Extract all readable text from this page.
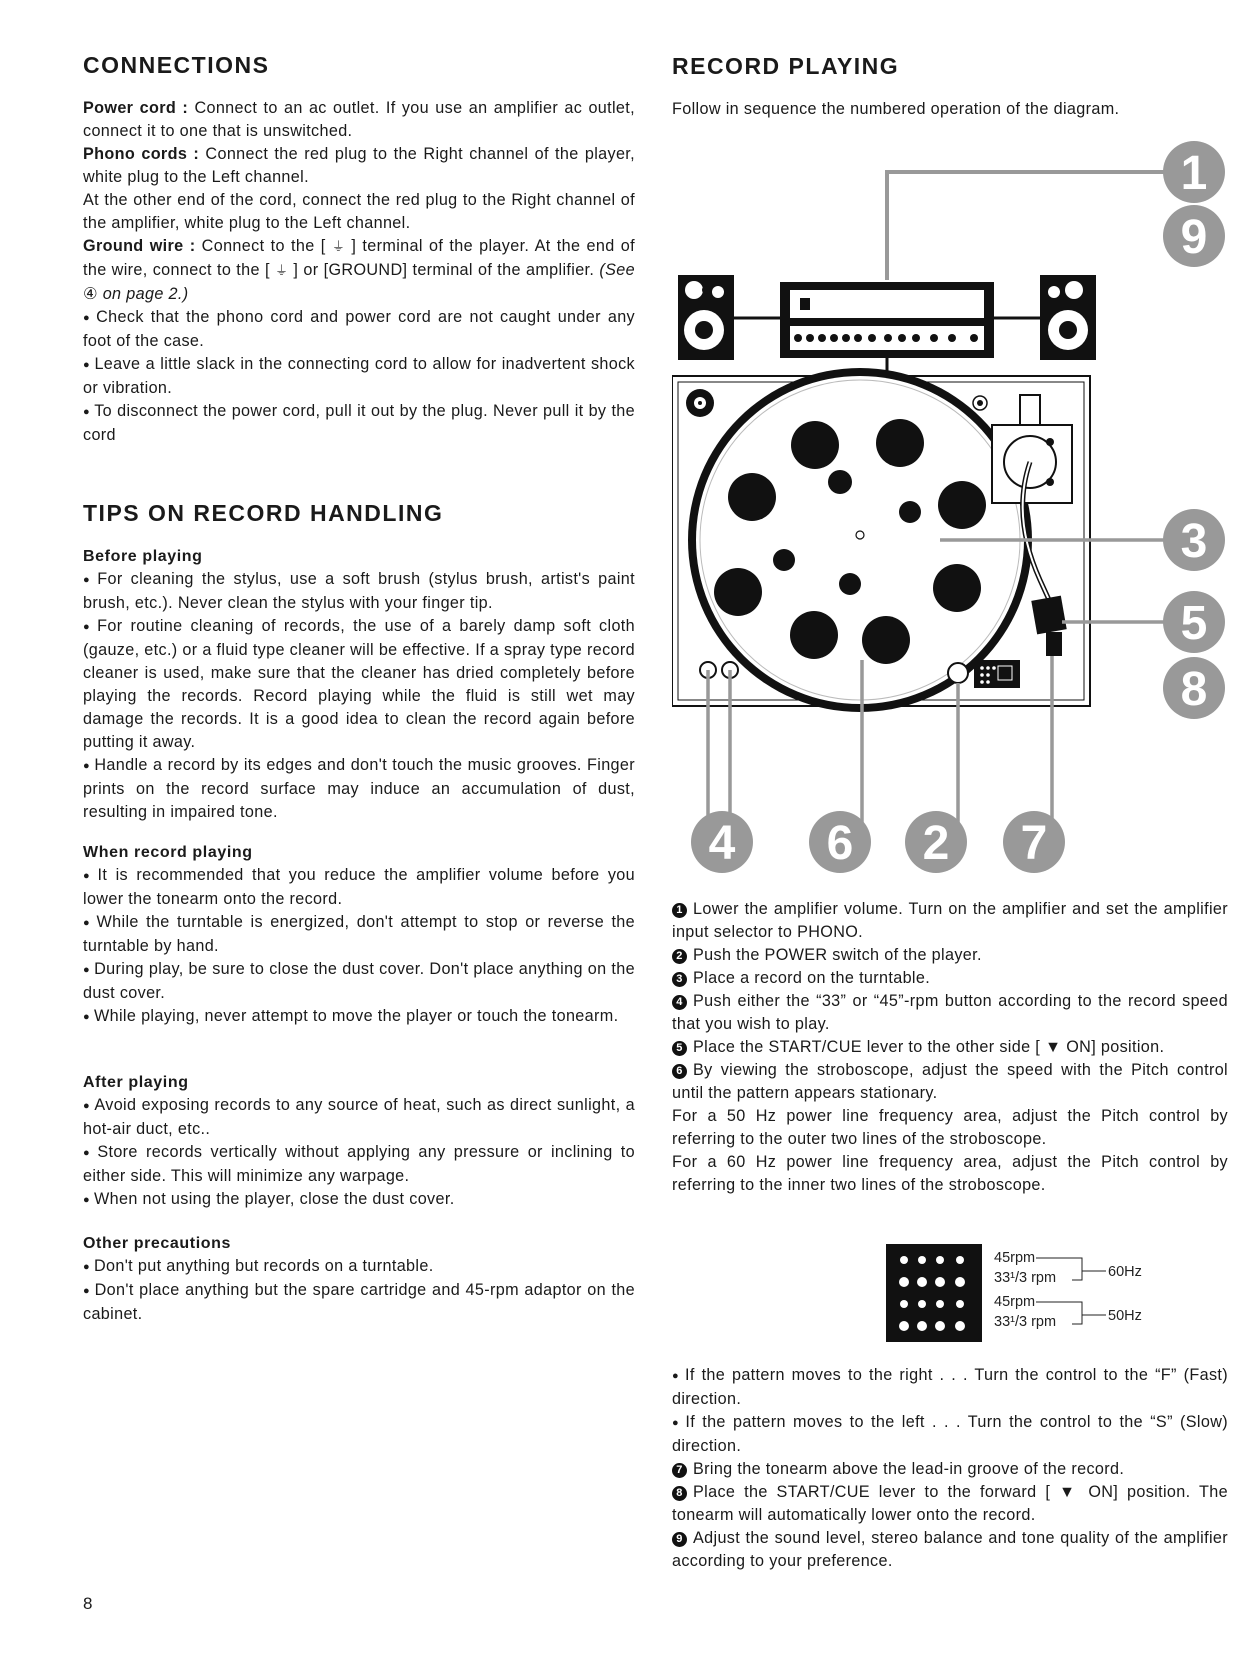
CONNECTIONS

Power cord : Connect to an ac outlet. If you use an amplifier ac outlet, connect it to one that is unswitched.

Phono cords : Connect the red plug to the Right channel of the player, white plug to the Left channel.

At the other end of the cord, connect the red plug to the Right channel of the amplifier, white plug to the Left channel.

Ground wire : Connect to the [ ⏚ ] terminal of the player. At the end of the wire, connect to the [ ⏚ ] or [GROUND] terminal of the amplifier. (See ④ on page 2.)

● Check that the phono cord and power cord are not caught under any foot of the case.

● Leave a little slack in the connecting cord to allow for inadvertent shock or vibration.

● To disconnect the power cord, pull it out by the plug. Never pull it by the cord

TIPS ON RECORD HANDLING
Before playing

● For cleaning the stylus, use a soft brush (stylus brush, artist's paint brush, etc.). Never clean the stylus with your finger tip.

● For routine cleaning of records, the use of a barely damp soft cloth (gauze, etc.) or a fluid type cleaner will be effective. If a spray type record cleaner is used, make sure that the cleaner has dried completely before playing the records. Record playing while the fluid is still wet may damage the records. It is a good idea to clean the record again before putting it away.

● Handle a record by its edges and don't touch the music grooves. Finger prints on the record surface may induce an accumulation of dust, resulting in impaired tone.

When record playing

● It is recommended that you reduce the amplifier volume before you lower the tonearm onto the record.

● While the turntable is energized, don't attempt to stop or reverse the turntable by hand.

● During play, be sure to close the dust cover. Don't place anything on the dust cover.

● While playing, never attempt to move the player or touch the tonearm.

After playing

● Avoid exposing records to any source of heat, such as direct sunlight, a hot-air duct, etc..

● Store records vertically without applying any pressure or inclining to either side. This will minimize any warpage.

● When not using the player, close the dust cover.

Other precautions

● Don't put anything but records on a turntable.

● Don't place anything but the spare cartridge and 45-rpm adaptor on the cabinet.

RECORD PLAYING

Follow in sequence the numbered operation of the diagram.

1
9
3
5
8
4 6 2 7

1 Lower the amplifier volume. Turn on the amplifier and set the amplifier input selector to PHONO.

2 Push the POWER switch of the player.

3 Place a record on the turntable.

4 Push either the “33” or “45”-rpm button according to the record speed that you wish to play.

5 Place the START/CUE lever to the other side [ ▼ ON] position.

6 By viewing the stroboscope, adjust the speed with the Pitch control until the pattern appears stationary.

For a 50 Hz power line frequency area, adjust the Pitch control by referring to the outer two lines of the stroboscope.

For a 60 Hz power line frequency area, adjust the Pitch control by referring to the inner two lines of the stroboscope.

45rpm
33¹/3 rpm
45rpm
33¹/3 rpm
60Hz
50Hz

● If the pattern moves to the right . . . Turn the control to the “F” (Fast) direction.

● If the pattern moves to the left . . . Turn the control to the “S” (Slow) direction.

7 Bring the tonearm above the lead-in groove of the record.

8 Place the START/CUE lever to the forward [ ▼ ON] position. The tonearm will automatically lower onto the record.

9 Adjust the sound level, stereo balance and tone quality of the amplifier according to your preference.

8
